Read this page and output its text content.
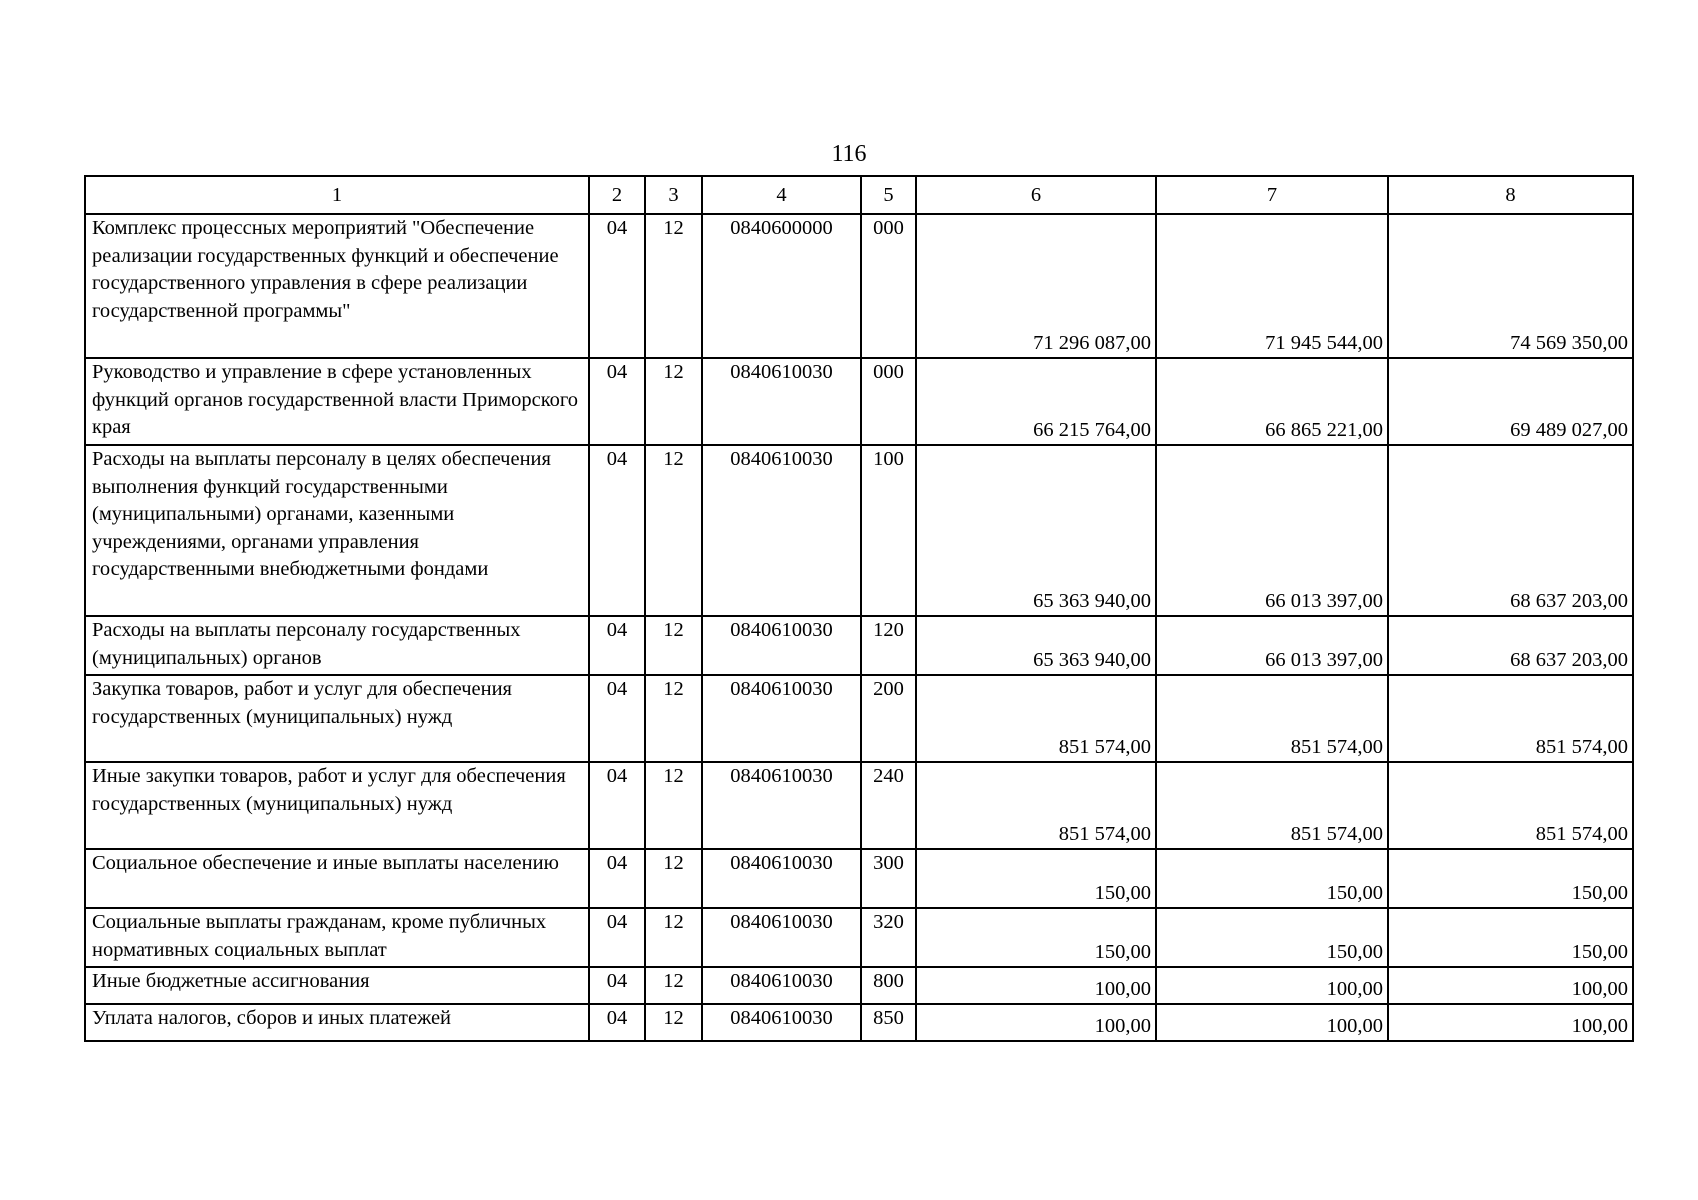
116
1	2	3	4	5	6	7	8
Комплекс процессных мероприятий "Обеспечение реализации государственных функций и обеспечение государственного управления в сфере реализации государственной программы"	04	12	0840600000	000	71 296 087,00	71 945 544,00	74 569 350,00
Руководство и управление в сфере установленных функций органов государственной власти Приморского края	04	12	0840610030	000	66 215 764,00	66 865 221,00	69 489 027,00
Расходы на выплаты персоналу в целях обеспечения выполнения функций государственными (муниципальными) органами, казенными учреждениями, органами управления государственными внебюджетными фондами	04	12	0840610030	100	65 363 940,00	66 013 397,00	68 637 203,00
Расходы на выплаты персоналу государственных (муниципальных) органов	04	12	0840610030	120	65 363 940,00	66 013 397,00	68 637 203,00
Закупка товаров, работ и услуг для обеспечения государственных (муниципальных) нужд	04	12	0840610030	200	851 574,00	851 574,00	851 574,00
Иные закупки товаров, работ и услуг для обеспечения государственных (муниципальных) нужд	04	12	0840610030	240	851 574,00	851 574,00	851 574,00
Социальное обеспечение и иные выплаты населению	04	12	0840610030	300	150,00	150,00	150,00
Социальные выплаты гражданам, кроме публичных нормативных социальных выплат	04	12	0840610030	320	150,00	150,00	150,00
Иные бюджетные ассигнования	04	12	0840610030	800	100,00	100,00	100,00
Уплата налогов, сборов и иных платежей	04	12	0840610030	850	100,00	100,00	100,00
